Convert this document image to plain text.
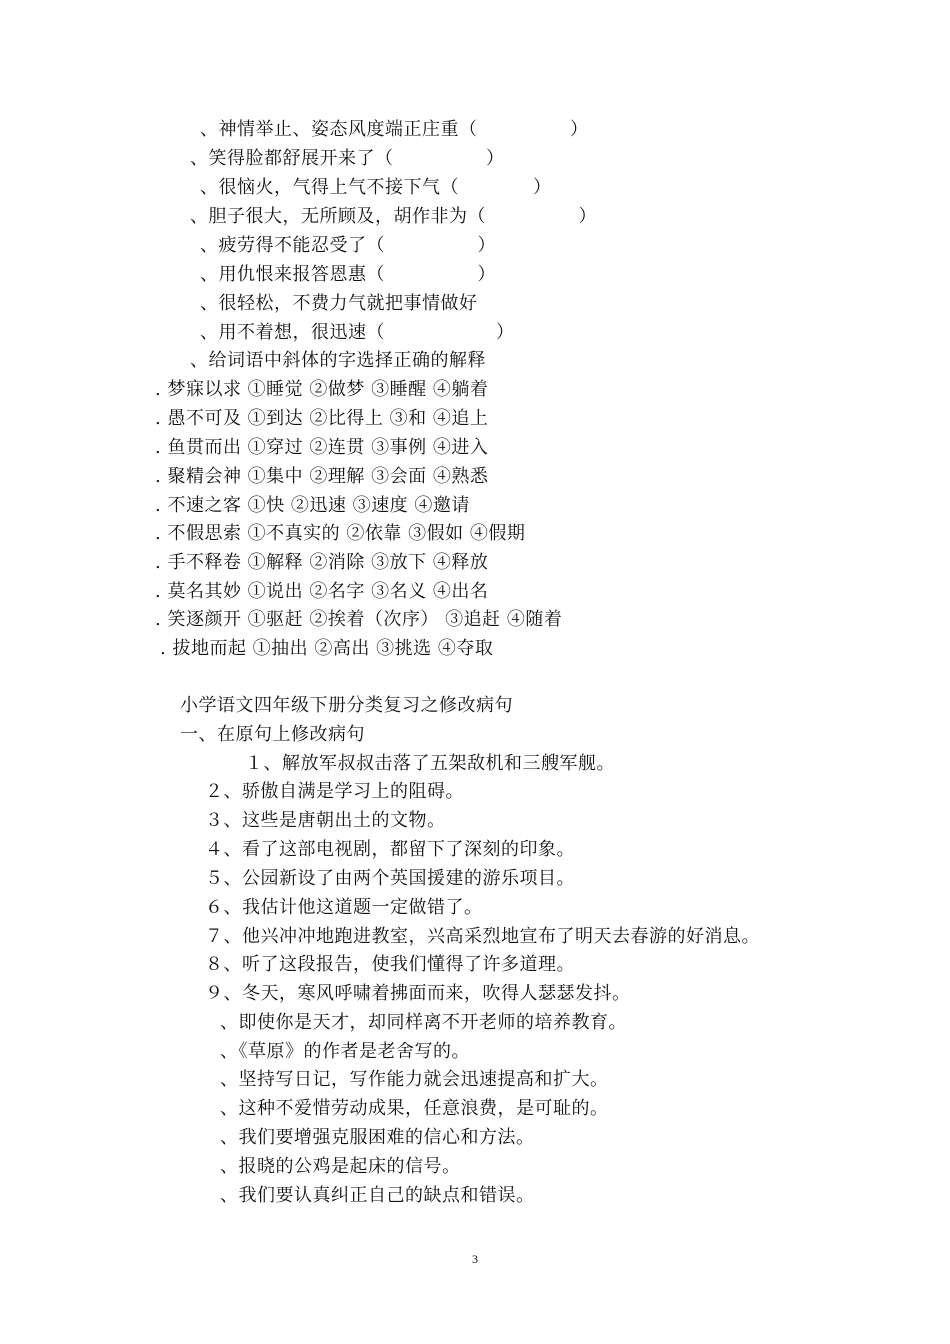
、神情举止、姿态风度端正庄重（　　　　　）
、笑得脸都舒展开来了（　　　　　）
、很恼火，气得上气不接下气（　　　　）
、胆子很大，无所顾及，胡作非为（　　　　　）
、疲劳得不能忍受了（　　　　　）
、用仇恨来报答恩惠（　　　　　）
、很轻松，不费力气就把事情做好
、用不着想，很迅速（　　　　　　）
、给词语中斜体的字选择正确的解释
. 梦寐以求 ①睡觉 ②做梦 ③睡醒 ④躺着
. 愚不可及 ①到达 ②比得上 ③和 ④追上
. 鱼贯而出 ①穿过 ②连贯 ③事例 ④进入
. 聚精会神 ①集中 ②理解 ③会面 ④熟悉
. 不速之客 ①快 ②迅速 ③速度 ④邀请
. 不假思索 ①不真实的 ②依靠 ③假如 ④假期
. 手不释卷 ①解释 ②消除 ③放下 ④释放
. 莫名其妙 ①说出 ②名字 ③名义 ④出名
. 笑逐颜开 ①驱赶 ②挨着（次序） ③追赶 ④随着
. 拔地而起 ①抽出 ②高出 ③挑选 ④夺取
小学语文四年级下册分类复习之修改病句
一、在原句上修改病句
１、解放军叔叔击落了五架敌机和三艘军舰。
２、骄傲自满是学习上的阻碍。
３、这些是唐朝出土的文物。
４、看了这部电视剧，都留下了深刻的印象。
５、公园新设了由两个英国援建的游乐项目。
６、我估计他这道题一定做错了。
７、他兴冲冲地跑进教室，兴高采烈地宣布了明天去春游的好消息。
８、听了这段报告，使我们懂得了许多道理。
９、冬天，寒风呼啸着拂面而来，吹得人瑟瑟发抖。
、即使你是天才，却同样离不开老师的培养教育。
、《草原》的作者是老舍写的。
、坚持写日记，写作能力就会迅速提高和扩大。
、这种不爱惜劳动成果，任意浪费，是可耻的。
、我们要增强克服困难的信心和方法。
、报晓的公鸡是起床的信号。
、我们要认真纠正自己的缺点和错误。
3
